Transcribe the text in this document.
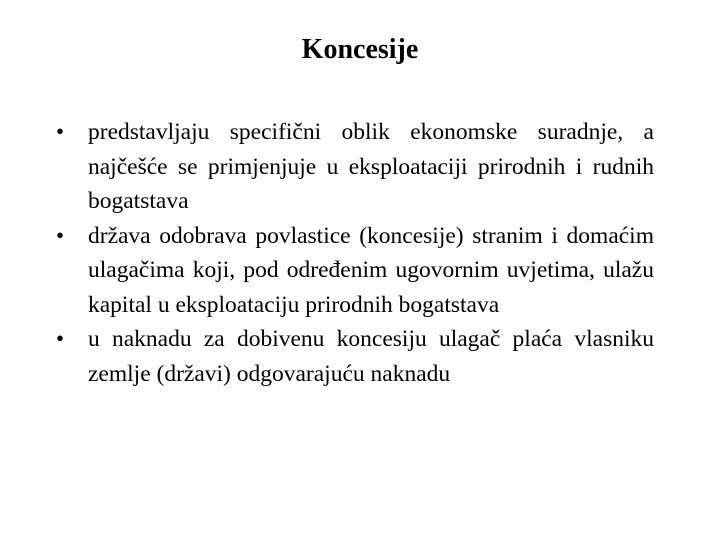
Koncesije
•	predstavljaju specifični oblik ekonomske suradnje, a najčešće se primjenjuje u eksploataciji prirodnih i rudnih bogatstava
•	država odobrava povlastice (koncesije) stranim i domaćim ulagačima koji, pod određenim ugovornim uvjetima, ulažu kapital u eksploataciju prirodnih bogatstava
•	u naknadu za dobivenu koncesiju ulagač plaća vlasniku zemlje (državi) odgovarajuću naknadu
